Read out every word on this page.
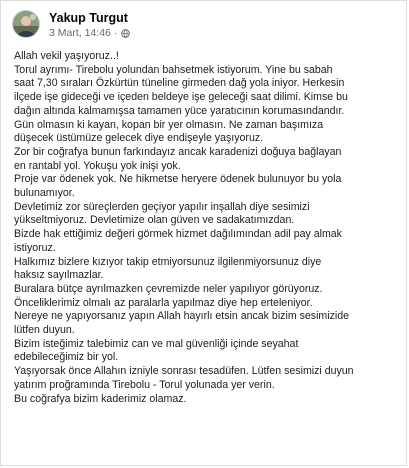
Yakup Turgut
3 Mart, 14:46 ·
Allah vekil yaşıyoruz..!
Torul ayrımı- Tirebolu yolundan bahsetmek istiyorum. Yine bu sabah
saat 7,30 sıraları Özkürtün tüneline girmeden dağ yola iniyor. Herkesin
ilçede işe gideceği ve içeden beldeye işe geleceği saat dilimi. Kimse bu
dağın altında kalmamışsa tamamen yüce yaratıcının korumasındandır.
Gün olmasın ki kayan, kopan bir yer olmasın. Ne zaman başımıza
düşecek üstümüze gelecek diye endişeyle yaşıyoruz.
Zor bir coğrafya bunun farkındayız ancak karadenizi doğuya bağlayan
en rantabl yol. Yokuşu yok inişi yok.
Proje var ödenek yok. Ne hikmetse heryere ödenek bulunuyor bu yola
bulunamıyor.
Devletimiz zor süreçlerden geçiyor yapılır inşallah diye sesimizi
yükseltmiyoruz. Devletimize olan güven ve sadakatımızdan.
Bizde hak ettiğimiz değeri görmek hizmet dağılımından adil pay almak
istiyoruz.
Halkımız bizlere kızıyor takip etmiyorsunuz ilgilenmiyorsunuz diye
haksız sayılmazlar.
Buralara bütçe ayrılmazken çevremizde neler yapılıyor görüyoruz.
Önceliklerimiz olmalı az paralarla yapılmaz diye hep erteleniyor.
Nereye ne yapıyorsanız yapın Allah hayırlı etsin ancak bizim sesimizide
lütfen duyun.
Bizim isteğimiz talebimiz can ve mal güvenliği içinde seyahat
edebileceğimiz bir yol.
Yaşıyorsak önce Allahın izniyle sonrası tesadüfen. Lütfen sesimizi duyun
yatırım proğramında Tirebolu - Torul yolunada yer verin.
Bu coğrafya bizim kaderimiz olamaz.
